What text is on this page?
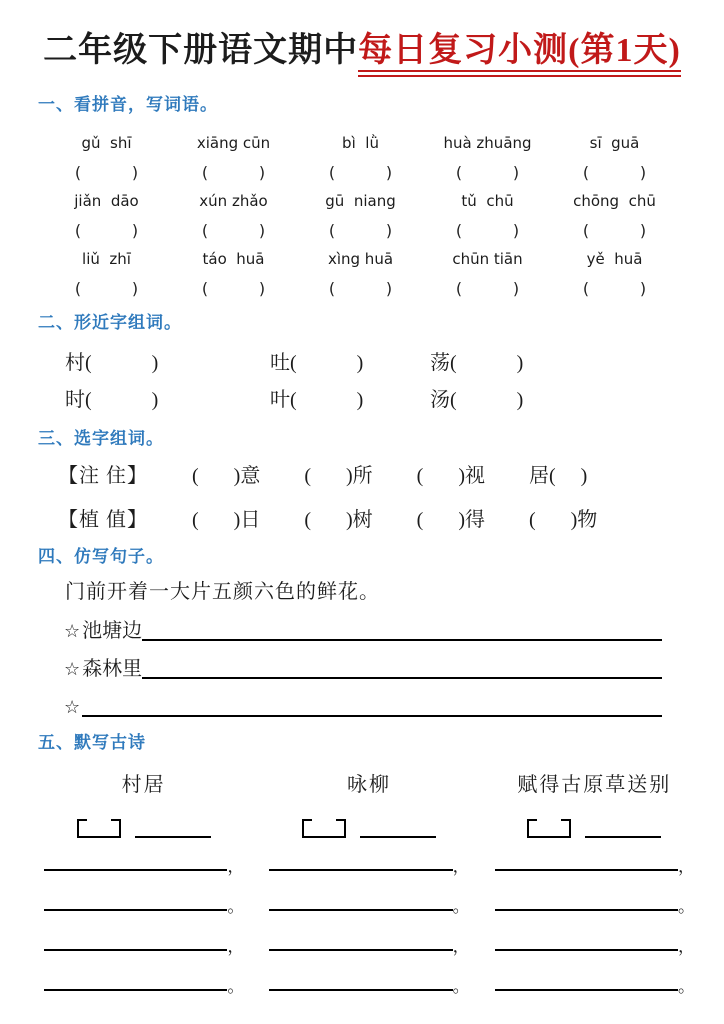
二年级下册语文期中每日复习小测(第1天)
一、看拼音，写词语。
gǔ  shī	xiāng cūn	bì  lǜ	huà zhuāng	sī  guā
(          )	(          )	(          )	(          )	(          )
jiǎn  dāo	xún zhǎo	gū  niang	tǔ  chū	chōng  chū
(          )	(          )	(          )	(          )	(          )
liǔ  zhī	táo  huā	xìng huā	chūn tiān	yě  huā
(          )	(          )	(          )	(          )	(          )
二、形近字组词。
村(            )	吐(            )	荡(            )
时(            )	叶(            )	汤(            )
三、选字组词。
【注 住】 (       )意 (       )所 (       )视 居(     )
【植 值】 (       )日 (       )树 (       )得 (       )物
四、仿写句子。
门前开着一大片五颜六色的鲜花。
☆ 池塘边
☆ 森林里
☆
五、默写古诗
村居
，
。
，
。
咏柳
，
。
，
。
赋得古原草送别
，
。
，
。
